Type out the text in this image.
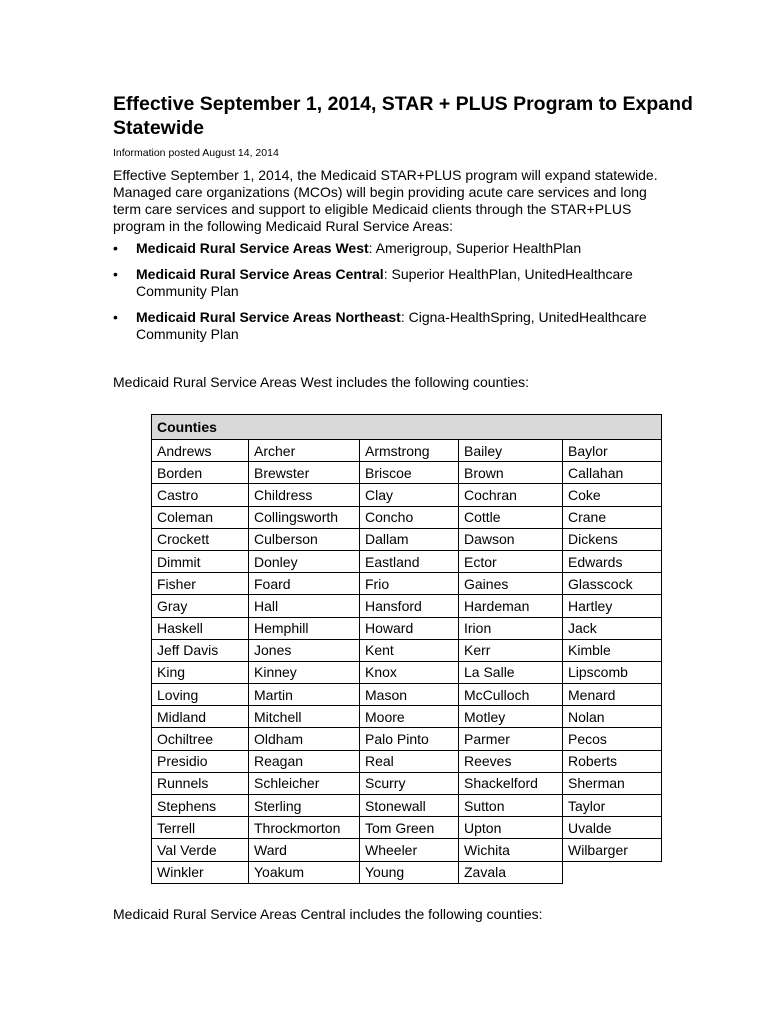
Effective September 1, 2014, STAR + PLUS Program to Expand Statewide
Information posted August 14, 2014

Effective September 1, 2014, the Medicaid STAR+PLUS program will expand statewide. Managed care organizations (MCOs) will begin providing acute care services and long term care services and support to eligible Medicaid clients through the STAR+PLUS program in the following Medicaid Rural Service Areas:

•	Medicaid Rural Service Areas West: Amerigroup, Superior HealthPlan
•	Medicaid Rural Service Areas Central: Superior HealthPlan, UnitedHealthcare Community Plan
•	Medicaid Rural Service Areas Northeast: Cigna-HealthSpring, UnitedHealthcare Community Plan
Medicaid Rural Service Areas West includes the following counties:
Counties				
Andrews	Archer	Armstrong	Bailey	Baylor
Borden	Brewster	Briscoe	Brown	Callahan
Castro	Childress	Clay	Cochran	Coke
Coleman	Collingsworth	Concho	Cottle	Crane
Crockett	Culberson	Dallam	Dawson	Dickens
Dimmit	Donley	Eastland	Ector	Edwards
Fisher	Foard	Frio	Gaines	Glasscock
Gray	Hall	Hansford	Hardeman	Hartley
Haskell	Hemphill	Howard	Irion	Jack
Jeff Davis	Jones	Kent	Kerr	Kimble
King	Kinney	Knox	La Salle	Lipscomb
Loving	Martin	Mason	McCulloch	Menard
Midland	Mitchell	Moore	Motley	Nolan
Ochiltree	Oldham	Palo Pinto	Parmer	Pecos
Presidio	Reagan	Real	Reeves	Roberts
Runnels	Schleicher	Scurry	Shackelford	Sherman
Stephens	Sterling	Stonewall	Sutton	Taylor
Terrell	Throckmorton	Tom Green	Upton	Uvalde
Val Verde	Ward	Wheeler	Wichita	Wilbarger
Winkler	Yoakum	Young	Zavala	
Medicaid Rural Service Areas Central includes the following counties:
